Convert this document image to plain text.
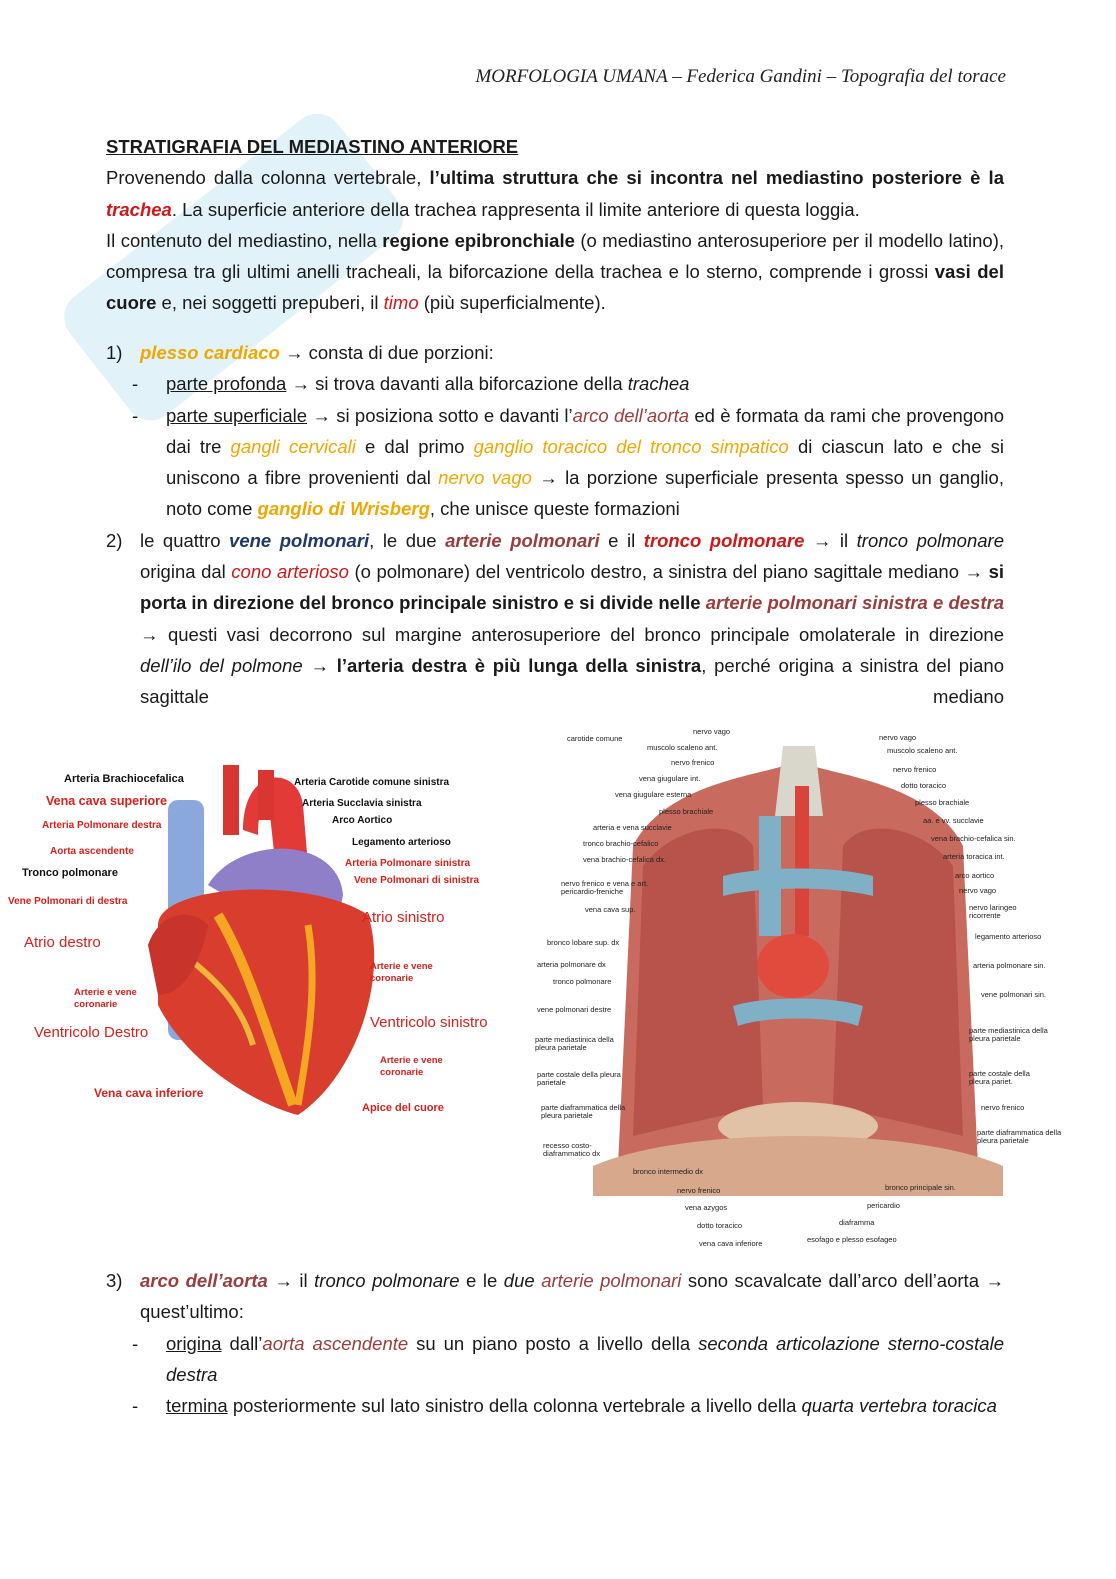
MORFOLOGIA UMANA – Federica Gandini – Topografia del torace

STRATIGRAFIA DEL MEDIASTINO ANTERIORE

Provenendo dalla colonna vertebrale, l’ultima struttura che si incontra nel mediastino posteriore è la trachea. La superficie anteriore della trachea rappresenta il limite anteriore di questa loggia.

Il contenuto del mediastino, nella regione epibronchiale (o mediastino anterosuperiore per il modello latino), compresa tra gli ultimi anelli tracheali, la biforcazione della trachea e lo sterno, comprende i grossi vasi del cuore e, nei soggetti prepuberi, il timo (più superficialmente).

1) plesso cardiaco → consta di due porzioni:
-	parte profonda → si trova davanti alla biforcazione della trachea
-	parte superficiale → si posiziona sotto e davanti l’arco dell’aorta ed è formata da rami che provengono dai tre gangli cervicali e dal primo ganglio toracico del tronco simpatico di ciascun lato e che si uniscono a fibre provenienti dal nervo vago → la porzione superficiale presenta spesso un ganglio, noto come ganglio di Wrisberg, che unisce queste formazioni
2) le quattro vene polmonari, le due arterie polmonari e il tronco polmonare → il tronco polmonare origina dal cono arterioso (o polmonare) del ventricolo destro, a sinistra del piano sagittale mediano → si porta in direzione del bronco principale sinistro e si divide nelle arterie polmonari sinistra e destra → questi vasi decorrono sul margine anterosuperiore del bronco principale omolaterale in direzione dell’ilo del polmone → l’arteria destra è più lunga della sinistra, perché origina a sinistra del piano sagittale mediano
Arteria Brachiocefalica
Vena cava superiore
Arteria Polmonare destra
Aorta ascendente
Tronco polmonare
Vene Polmonari di destra
Atrio destro
Arterie e vene coronarie
Ventricolo Destro
Vena cava inferiore
Arteria Carotide comune sinistra
Arteria Succlavia sinistra
Arco Aortico
Legamento arterioso
Arteria Polmonare sinistra
Vene Polmonari di sinistra
Atrio sinistro
Arterie e vene coronarie
Ventricolo sinistro
Arterie e vene coronarie
Apice del cuore
carotide comune
muscolo scaleno ant.
nervo frenico
vena giugulare int.
vena giugulare esterna
plesso brachiale
arteria e vena succlavie
tronco brachio-cefalico
vena brachio-cefalica dx.
nervo frenico e vena e art. pericardio-freniche
vena cava sup.
bronco lobare sup. dx
arteria polmonare dx
tronco polmonare
vene polmonari destre
parte mediastinica della pleura parietale
parte costale della pleura parietale
parte diaframmatica della pleura parietale
recesso costo-diaframmatico dx
nervo vago
nervo vago
muscolo scaleno ant.
nervo frenico
dotto toracico
plesso brachiale
aa. e vv. succlavie
vena brachio-cefalica sin.
arteria toracica int.
arco aortico
nervo vago
nervo laringeo ricorrente
legamento arterioso
arteria polmonare sin.
vene polmonari sin.
parte mediastinica della pleura parietale
parte costale della pleura pariet.
nervo frenico
parte diaframmatica della pleura parietale
bronco intermedio dx
nervo frenico
vena azygos
dotto toracico
vena cava inferiore
bronco principale sin.
pericardio
diaframma
esofago e plesso esofageo
3) arco dell’aorta → il tronco polmonare e le due arterie polmonari sono scavalcate dall’arco dell’aorta → quest’ultimo:
-	origina dall’aorta ascendente su un piano posto a livello della seconda articolazione sterno-costale destra
-	termina posteriormente sul lato sinistro della colonna vertebrale a livello della quarta vertebra toracica
